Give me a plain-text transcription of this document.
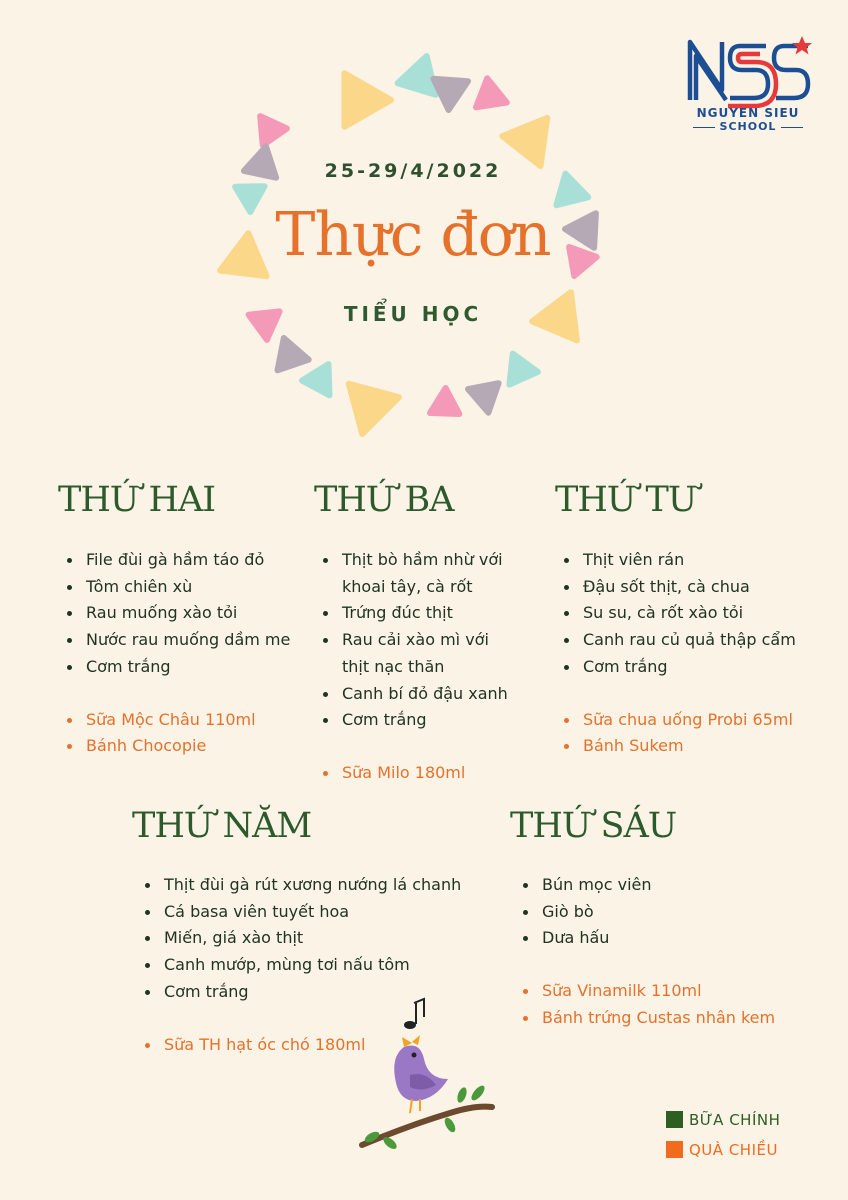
25-29/4/2022
Thực đơn
TIỂU HỌC
NGUYEN SIEU
SCHOOL
THỨ HAI
File đùi gà hầm táo đỏ
Tôm chiên xù
Rau muống xào tỏi
Nước rau muống dầm me
Cơm trắng
Sữa Mộc Châu 110ml
Bánh Chocopie
THỨ BA
Thịt bò hầm nhừ với khoai tây, cà rốt
Trứng đúc thịt
Rau cải xào mì với thịt nạc thăn
Canh bí đỏ đậu xanh
Cơm trắng
Sữa Milo 180ml
THỨ TƯ
Thịt viên rán
Đậu sốt thịt, cà chua
Su su, cà rốt xào tỏi
Canh rau củ quả thập cẩm
Cơm trắng
Sữa chua uống Probi 65ml
Bánh Sukem
THỨ NĂM
Thịt đùi gà rút xương nướng lá chanh
Cá basa viên tuyết hoa
Miến, giá xào thịt
Canh mướp, mùng tơi nấu tôm
Cơm trắng
Sữa TH hạt óc chó 180ml
THỨ SÁU
Bún mọc viên
Giò bò
Dưa hấu
Sữa Vinamilk 110ml
Bánh trứng Custas nhân kem
BỮA CHÍNH
QUÀ CHIỀU
